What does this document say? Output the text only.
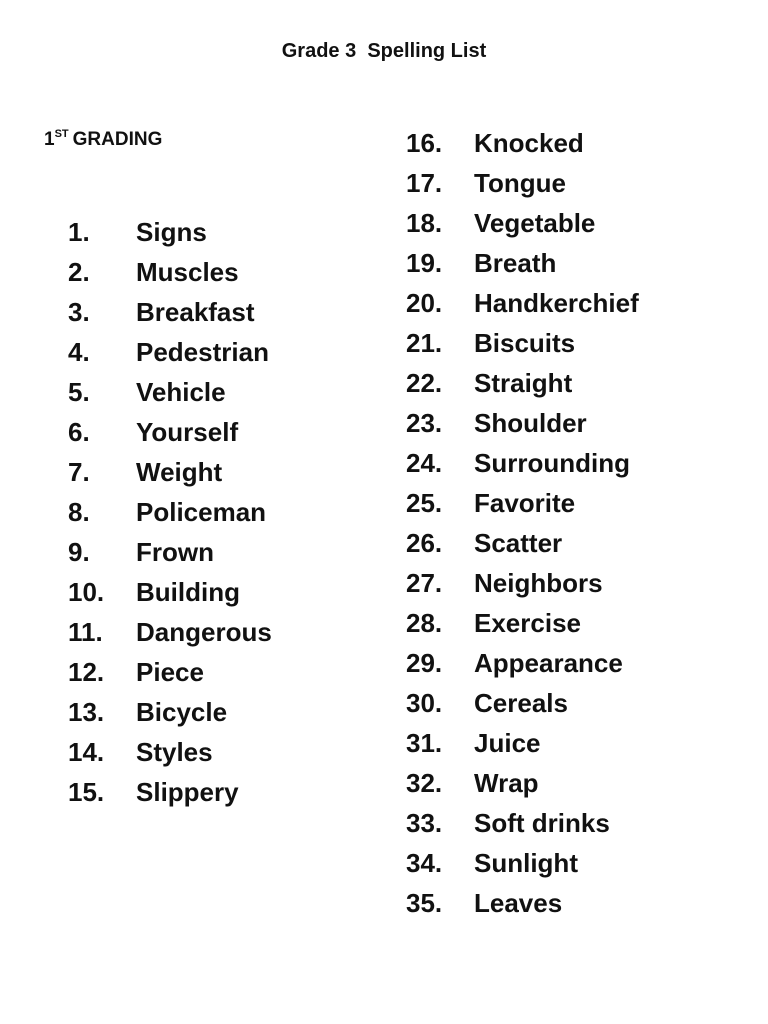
Grade 3  Spelling List
1ST GRADING
1.	Signs
2.	Muscles
3.	Breakfast
4.	Pedestrian
5.	Vehicle
6.	Yourself
7.	Weight
8.	Policeman
9.	Frown
10.	Building
11.	Dangerous
12.	Piece
13.	Bicycle
14.	Styles
15.	Slippery
16.	Knocked
17.	Tongue
18.	Vegetable
19.	Breath
20.	Handkerchief
21.	Biscuits
22.	Straight
23.	Shoulder
24.	Surrounding
25.	Favorite
26.	Scatter
27.	Neighbors
28.	Exercise
29.	Appearance
30.	Cereals
31.	Juice
32.	Wrap
33.	Soft drinks
34.	Sunlight
35.	Leaves
